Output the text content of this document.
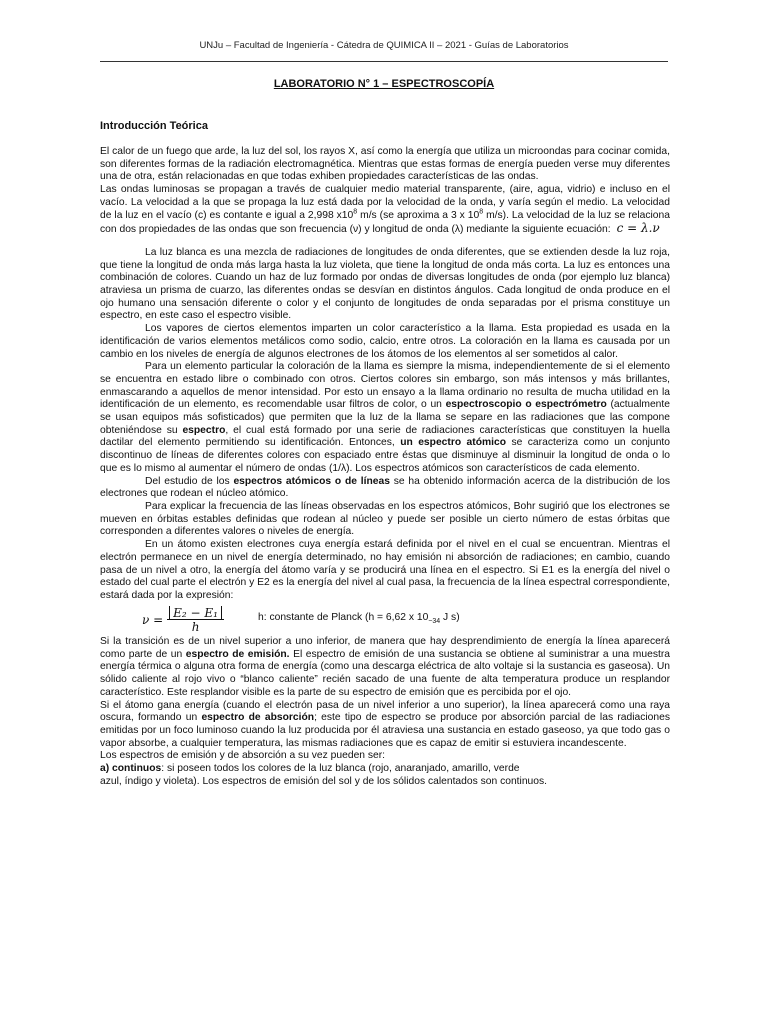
UNJu – Facultad de Ingeniería - Cátedra de QUIMICA II – 2021 - Guías de Laboratorios
LABORATORIO N° 1 – ESPECTROSCOPÍA
Introducción Teórica

El calor de un fuego que arde, la luz del sol, los rayos X, así como la energía que utiliza un microondas para cocinar comida, son diferentes formas de la radiación electromagnética. Mientras que estas formas de energía pueden verse muy diferentes una de otra, están relacionadas en que todas exhiben propiedades características de las ondas.

Las ondas luminosas se propagan a través de cualquier medio material transparente, (aire, agua, vidrio) e incluso en el vacío. La velocidad a la que se propaga la luz está dada por la velocidad de la onda, y varía según el medio. La velocidad de la luz en el vacío (c) es contante e igual a 2,998 $x10^8$ m/s (se aproxima a 3 x $10^8$ m/s). La velocidad de la luz se relaciona con dos propiedades de las ondas que son frecuencia (ν) y longitud de onda (λ) mediante la siguiente ecuación: c = λ.ν

La luz blanca es una mezcla de radiaciones de longitudes de onda diferentes, que se extienden desde la luz roja, que tiene la longitud de onda más larga hasta la luz violeta, que tiene la longitud de onda más corta. La luz es entonces una combinación de colores. Cuando un haz de luz formado por ondas de diversas longitudes de onda (por ejemplo luz blanca) atraviesa un prisma de cuarzo, las diferentes ondas se desvían en distintos ángulos. Cada longitud de onda produce en el ojo humano una sensación diferente o color y el conjunto de longitudes de onda separadas por el prisma constituye un espectro, en este caso el espectro visible.

Los vapores de ciertos elementos imparten un color característico a la llama. Esta propiedad es usada en la identificación de varios elementos metálicos como sodio, calcio, entre otros. La coloración en la llama es causada por un cambio en los niveles de energía de algunos electrones de los átomos de los elementos al ser sometidos al calor.

Para un elemento particular la coloración de la llama es siempre la misma, independientemente de si el elemento se encuentra en estado libre o combinado con otros. Ciertos colores sin embargo, son más intensos y más brillantes, enmascarando a aquellos de menor intensidad. Por esto un ensayo a la llama ordinario no resulta de mucha utilidad en la identificación de un elemento, es recomendable usar filtros de color, o un espectroscopio o espectrómetro (actualmente se usan equipos más sofisticados) que permiten que la luz de la llama se separe en las radiaciones que las compone obteniéndose su espectro, el cual está formado por una serie de radiaciones características que constituyen la huella dactilar del elemento permitiendo su identificación. Entonces, un espectro atómico se caracteriza como un conjunto discontinuo de líneas de diferentes colores con espaciado entre éstas que disminuye al disminuir la longitud de onda o lo que es lo mismo al aumentar el número de ondas (1/λ). Los espectros atómicos son característicos de cada elemento.

Del estudio de los espectros atómicos o de líneas se ha obtenido información acerca de la distribución de los electrones que rodean el núcleo atómico.

Para explicar la frecuencia de las líneas observadas en los espectros atómicos, Bohr sugirió que los electrones se mueven en órbitas estables definidas que rodean al núcleo y puede ser posible un cierto número de estas órbitas que corresponden a diferentes valores o niveles de energía.

En un átomo existen electrones cuya energía estará definida por el nivel en el cual se encuentran. Mientras el electrón permanece en un nivel de energía determinado, no hay emisión ni absorción de radiaciones; en cambio, cuando pasa de un nivel a otro, la energía del átomo varía y se producirá una línea en el espectro. Si E1 es la energía del nivel o estado del cual parte el electrón y E2 es la energía del nivel al cual pasa, la frecuencia de la línea espectral correspondiente, estará dada por la expresión:

$\nu = \frac{\text{E₂ − E₁}}{h}$	h: constante de Planck (h = 6,62 x $10_{-34}$ J s)

Si la transición es de un nivel superior a uno inferior, de manera que hay desprendimiento de energía la línea aparecerá como parte de un espectro de emisión. El espectro de emisión de una sustancia se obtiene al suministrar a una muestra energía térmica o alguna otra forma de energía (como una descarga eléctrica de alto voltaje si la sustancia es gaseosa). Un sólido caliente al rojo vivo o “blanco caliente” recién sacado de una fuente de alta temperatura produce un resplandor característico. Este resplandor visible es la parte de su espectro de emisión que es percibida por el ojo.

Si el átomo gana energía (cuando el electrón pasa de un nivel inferior a uno superior), la línea aparecerá como una raya oscura, formando un espectro de absorción; este tipo de espectro se produce por absorción parcial de las radiaciones emitidas por un foco luminoso cuando la luz producida por él atraviesa una sustancia en estado gaseoso, ya que todo gas o vapor absorbe, a cualquier temperatura, las mismas radiaciones que es capaz de emitir si estuviera incandescente.

Los espectros de emisión y de absorción a su vez pueden ser:

a) continuos: si poseen todos los colores de la luz blanca (rojo, anaranjado, amarillo, verde

azul, índigo y violeta). Los espectros de emisión del sol y de los sólidos calentados son continuos.
